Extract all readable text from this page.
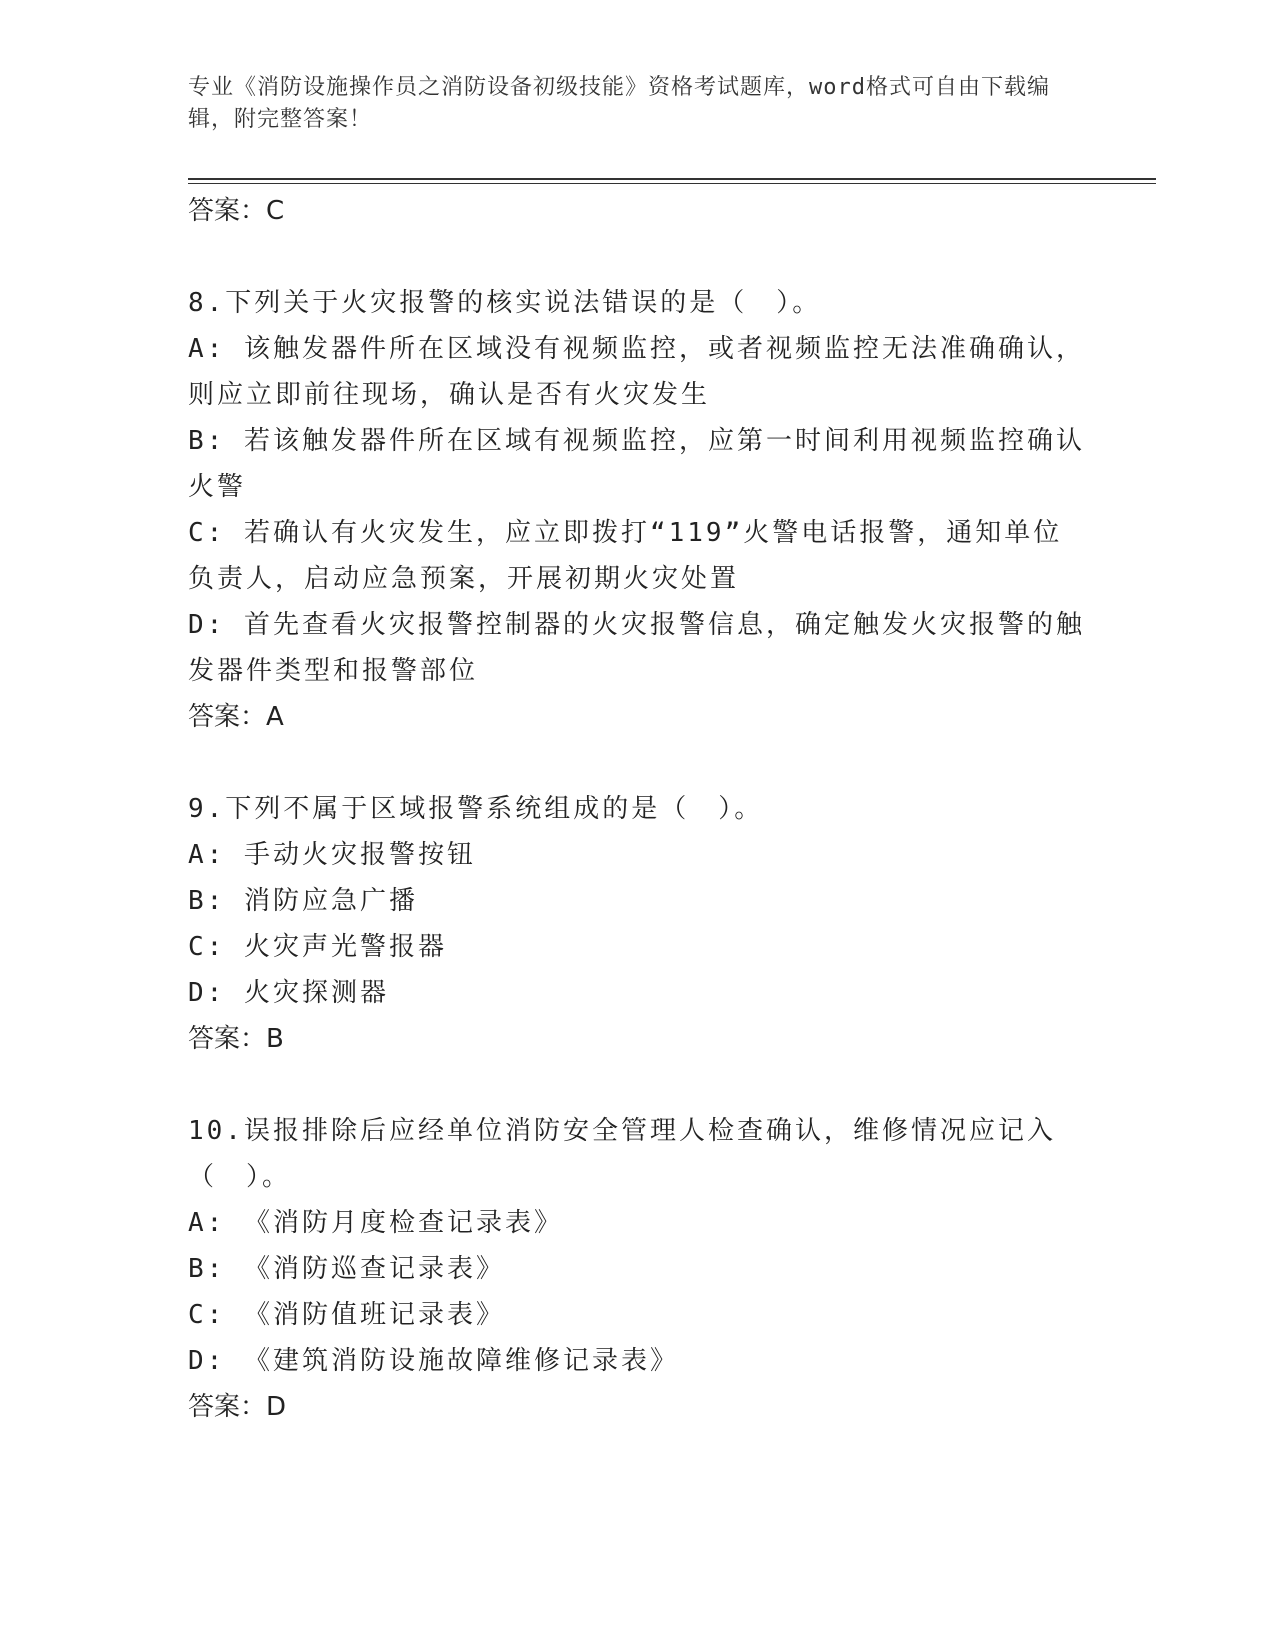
专业《消防设施操作员之消防设备初级技能》资格考试题库，word格式可自由下载编辑，附完整答案！

答案：C

8.下列关于火灾报警的核实说法错误的是（　）。

A: 该触发器件所在区域没有视频监控，或者视频监控无法准确确认，则应立即前往现场，确认是否有火灾发生

B: 若该触发器件所在区域有视频监控，应第一时间利用视频监控确认火警

C: 若确认有火灾发生，应立即拨打“119”火警电话报警，通知单位负责人，启动应急预案，开展初期火灾处置

D: 首先查看火灾报警控制器的火灾报警信息，确定触发火灾报警的触发器件类型和报警部位

答案：A

9.下列不属于区域报警系统组成的是（　）。

A: 手动火灾报警按钮

B: 消防应急广播

C: 火灾声光警报器

D: 火灾探测器

答案：B

10.误报排除后应经单位消防安全管理人检查确认，维修情况应记入（　）。

A: 《消防月度检查记录表》

B: 《消防巡查记录表》

C: 《消防值班记录表》

D: 《建筑消防设施故障维修记录表》

答案：D
